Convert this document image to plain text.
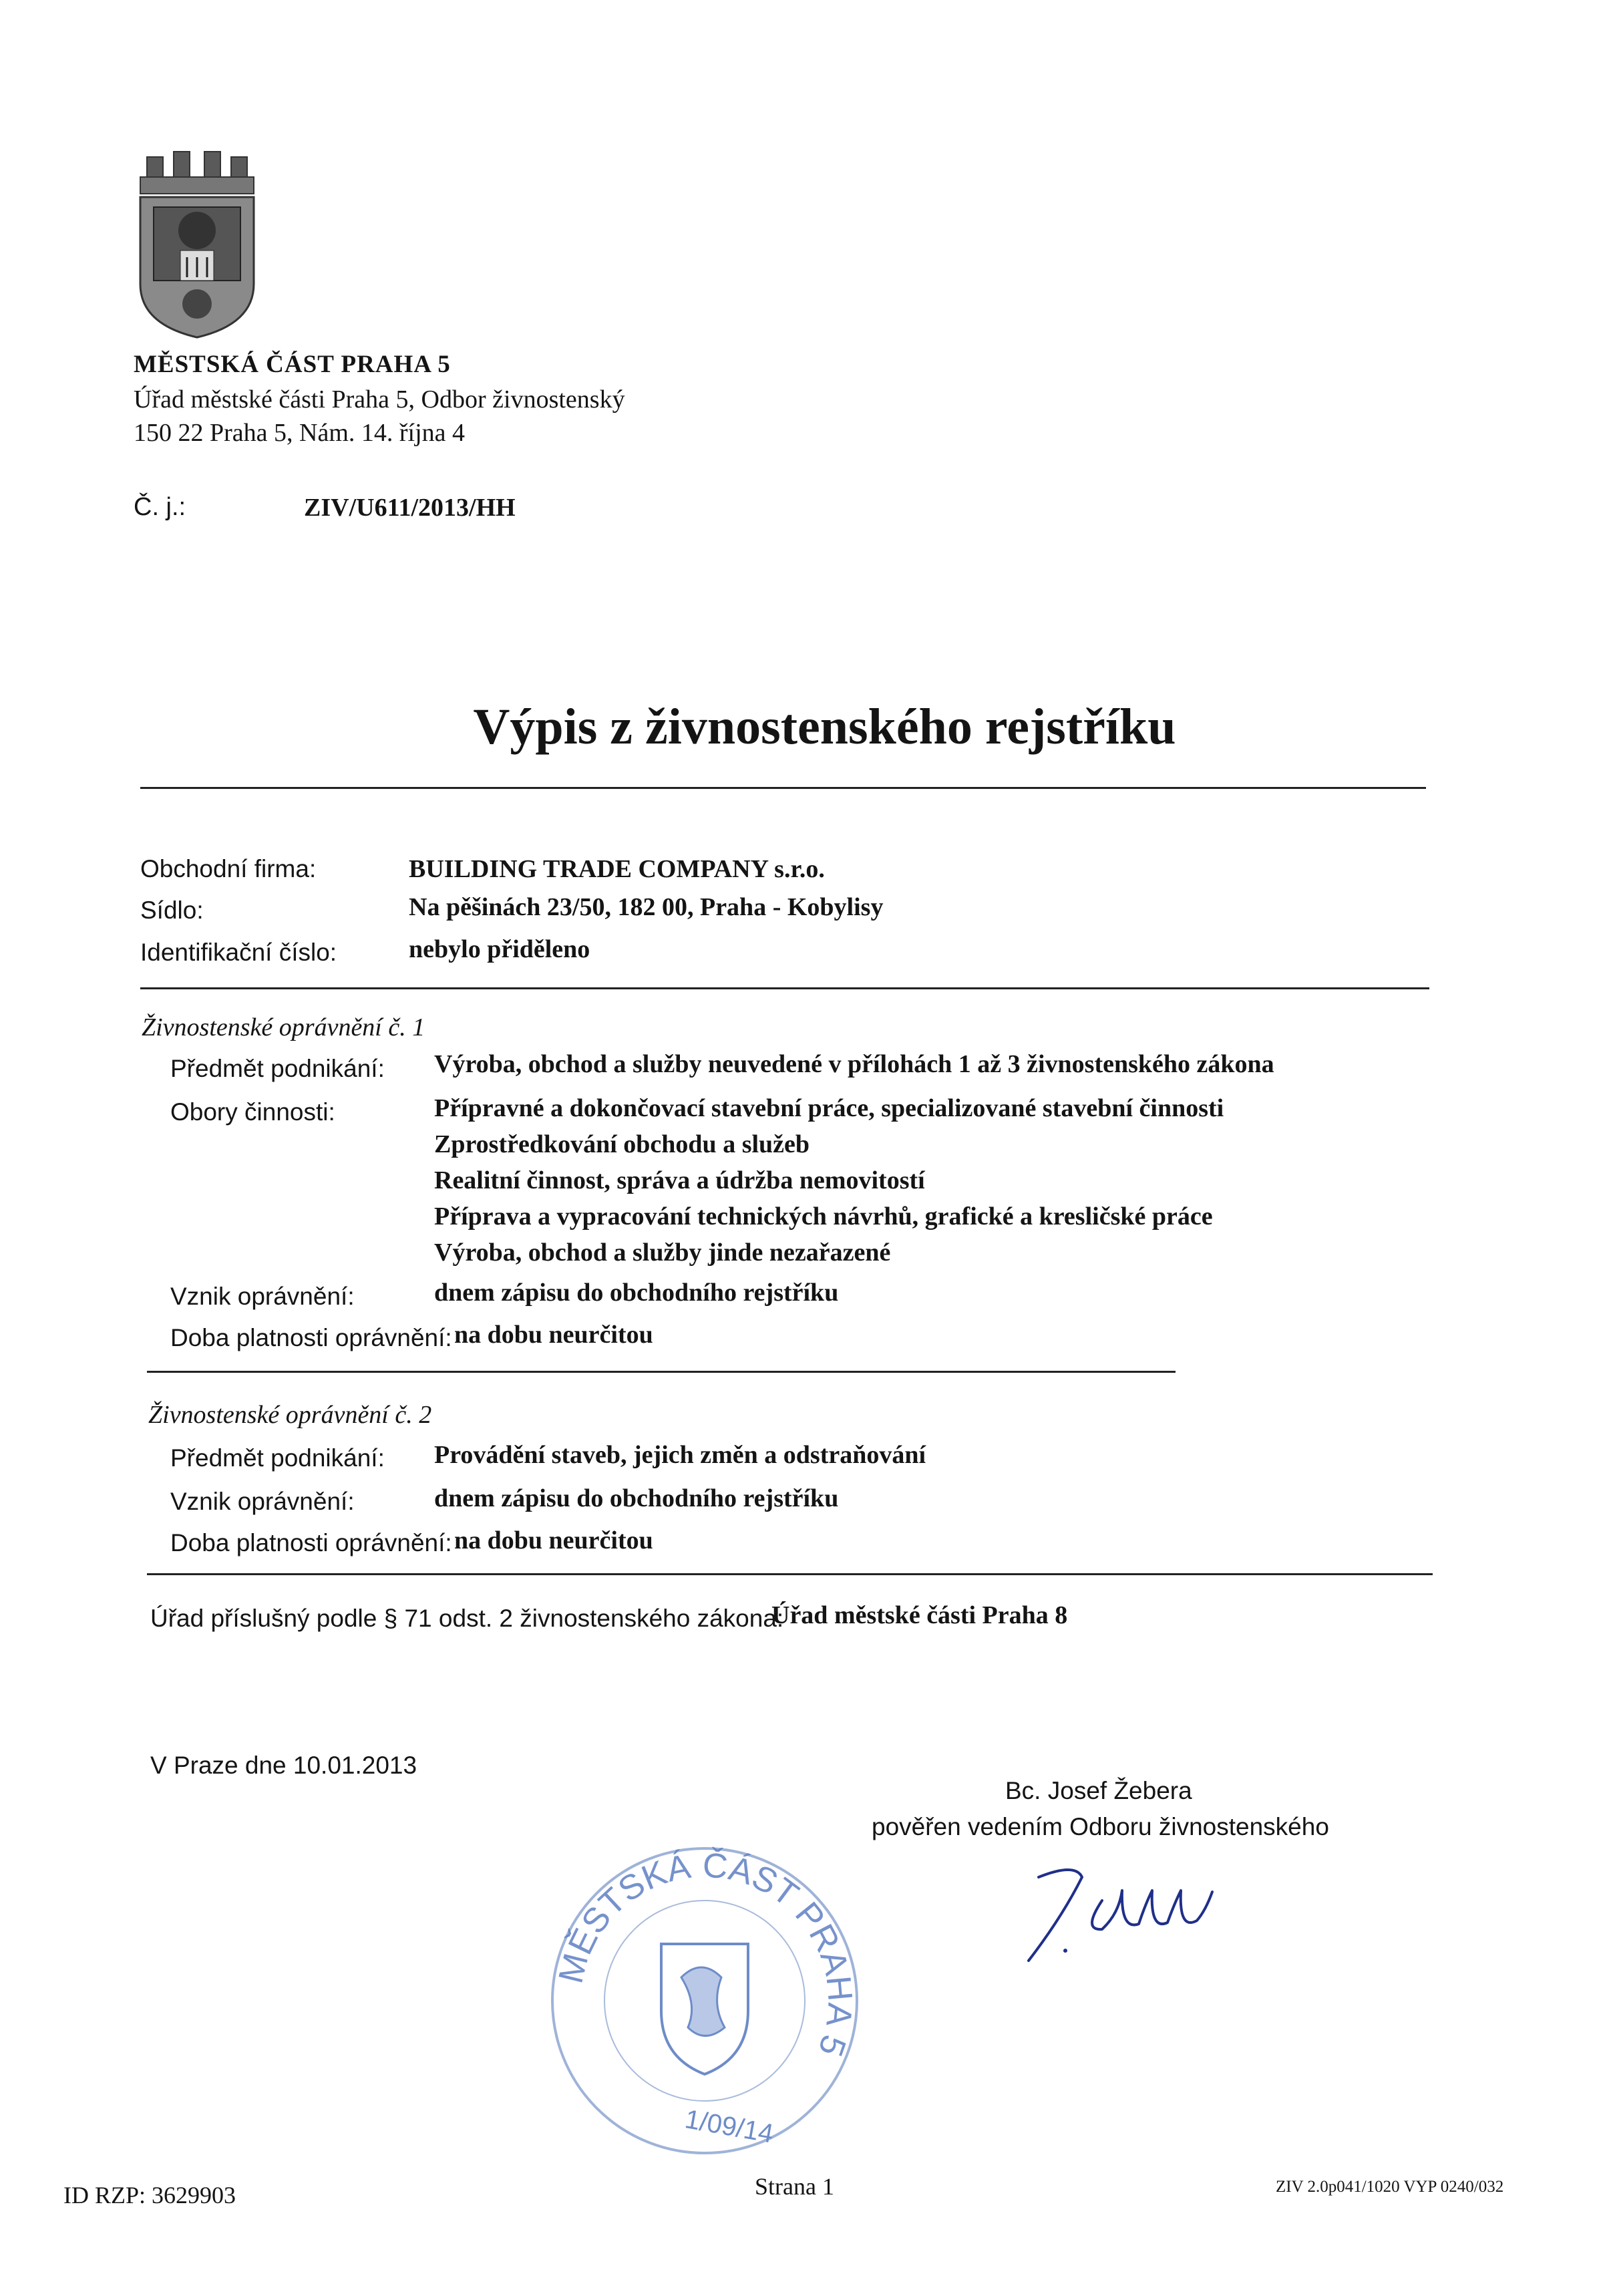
MĚSTSKÁ ČÁST PRAHA 5
Úřad městské části Praha 5, Odbor živnostenský
150 22 Praha 5, Nám. 14. října 4
Č. j.:	ZIV/U611/2013/HH
Výpis z živnostenského rejstříku
Obchodní firma:	BUILDING TRADE COMPANY s.r.o.
Sídlo:	Na pěšinách 23/50, 182 00, Praha - Kobylisy
Identifikační číslo:	nebylo přiděleno
Živnostenské oprávnění č. 1
Předmět podnikání: Výroba, obchod a služby neuvedené v přílohách 1 až 3 živnostenského zákona
Obory činnosti:	Přípravné a dokončovací stavební práce, specializované stavební činnosti
Zprostředkování obchodu a služeb
Realitní činnost, správa a údržba nemovitostí
Příprava a vypracování technických návrhů, grafické a kresličské práce
Výroba, obchod a služby jinde nezařazené
Vznik oprávnění:	dnem zápisu do obchodního rejstříku
Doba platnosti oprávnění: na dobu neurčitou
Živnostenské oprávnění č. 2
Předmět podnikání: Provádění staveb, jejich změn a odstraňování
Vznik oprávnění:	dnem zápisu do obchodního rejstříku
Doba platnosti oprávnění: na dobu neurčitou
Úřad příslušný podle § 71 odst. 2 živnostenského zákona:
Úřad městské části Praha 8
V Praze dne 10.01.2013
Bc. Josef Žebera
pověřen vedením Odboru živnostenského
MĚSTSKÁ ČÁST PRAHA 5
1/09/14
ID RZP: 3629903	Strana 1	ZIV 2.0p041/1020 VYP 0240/032
